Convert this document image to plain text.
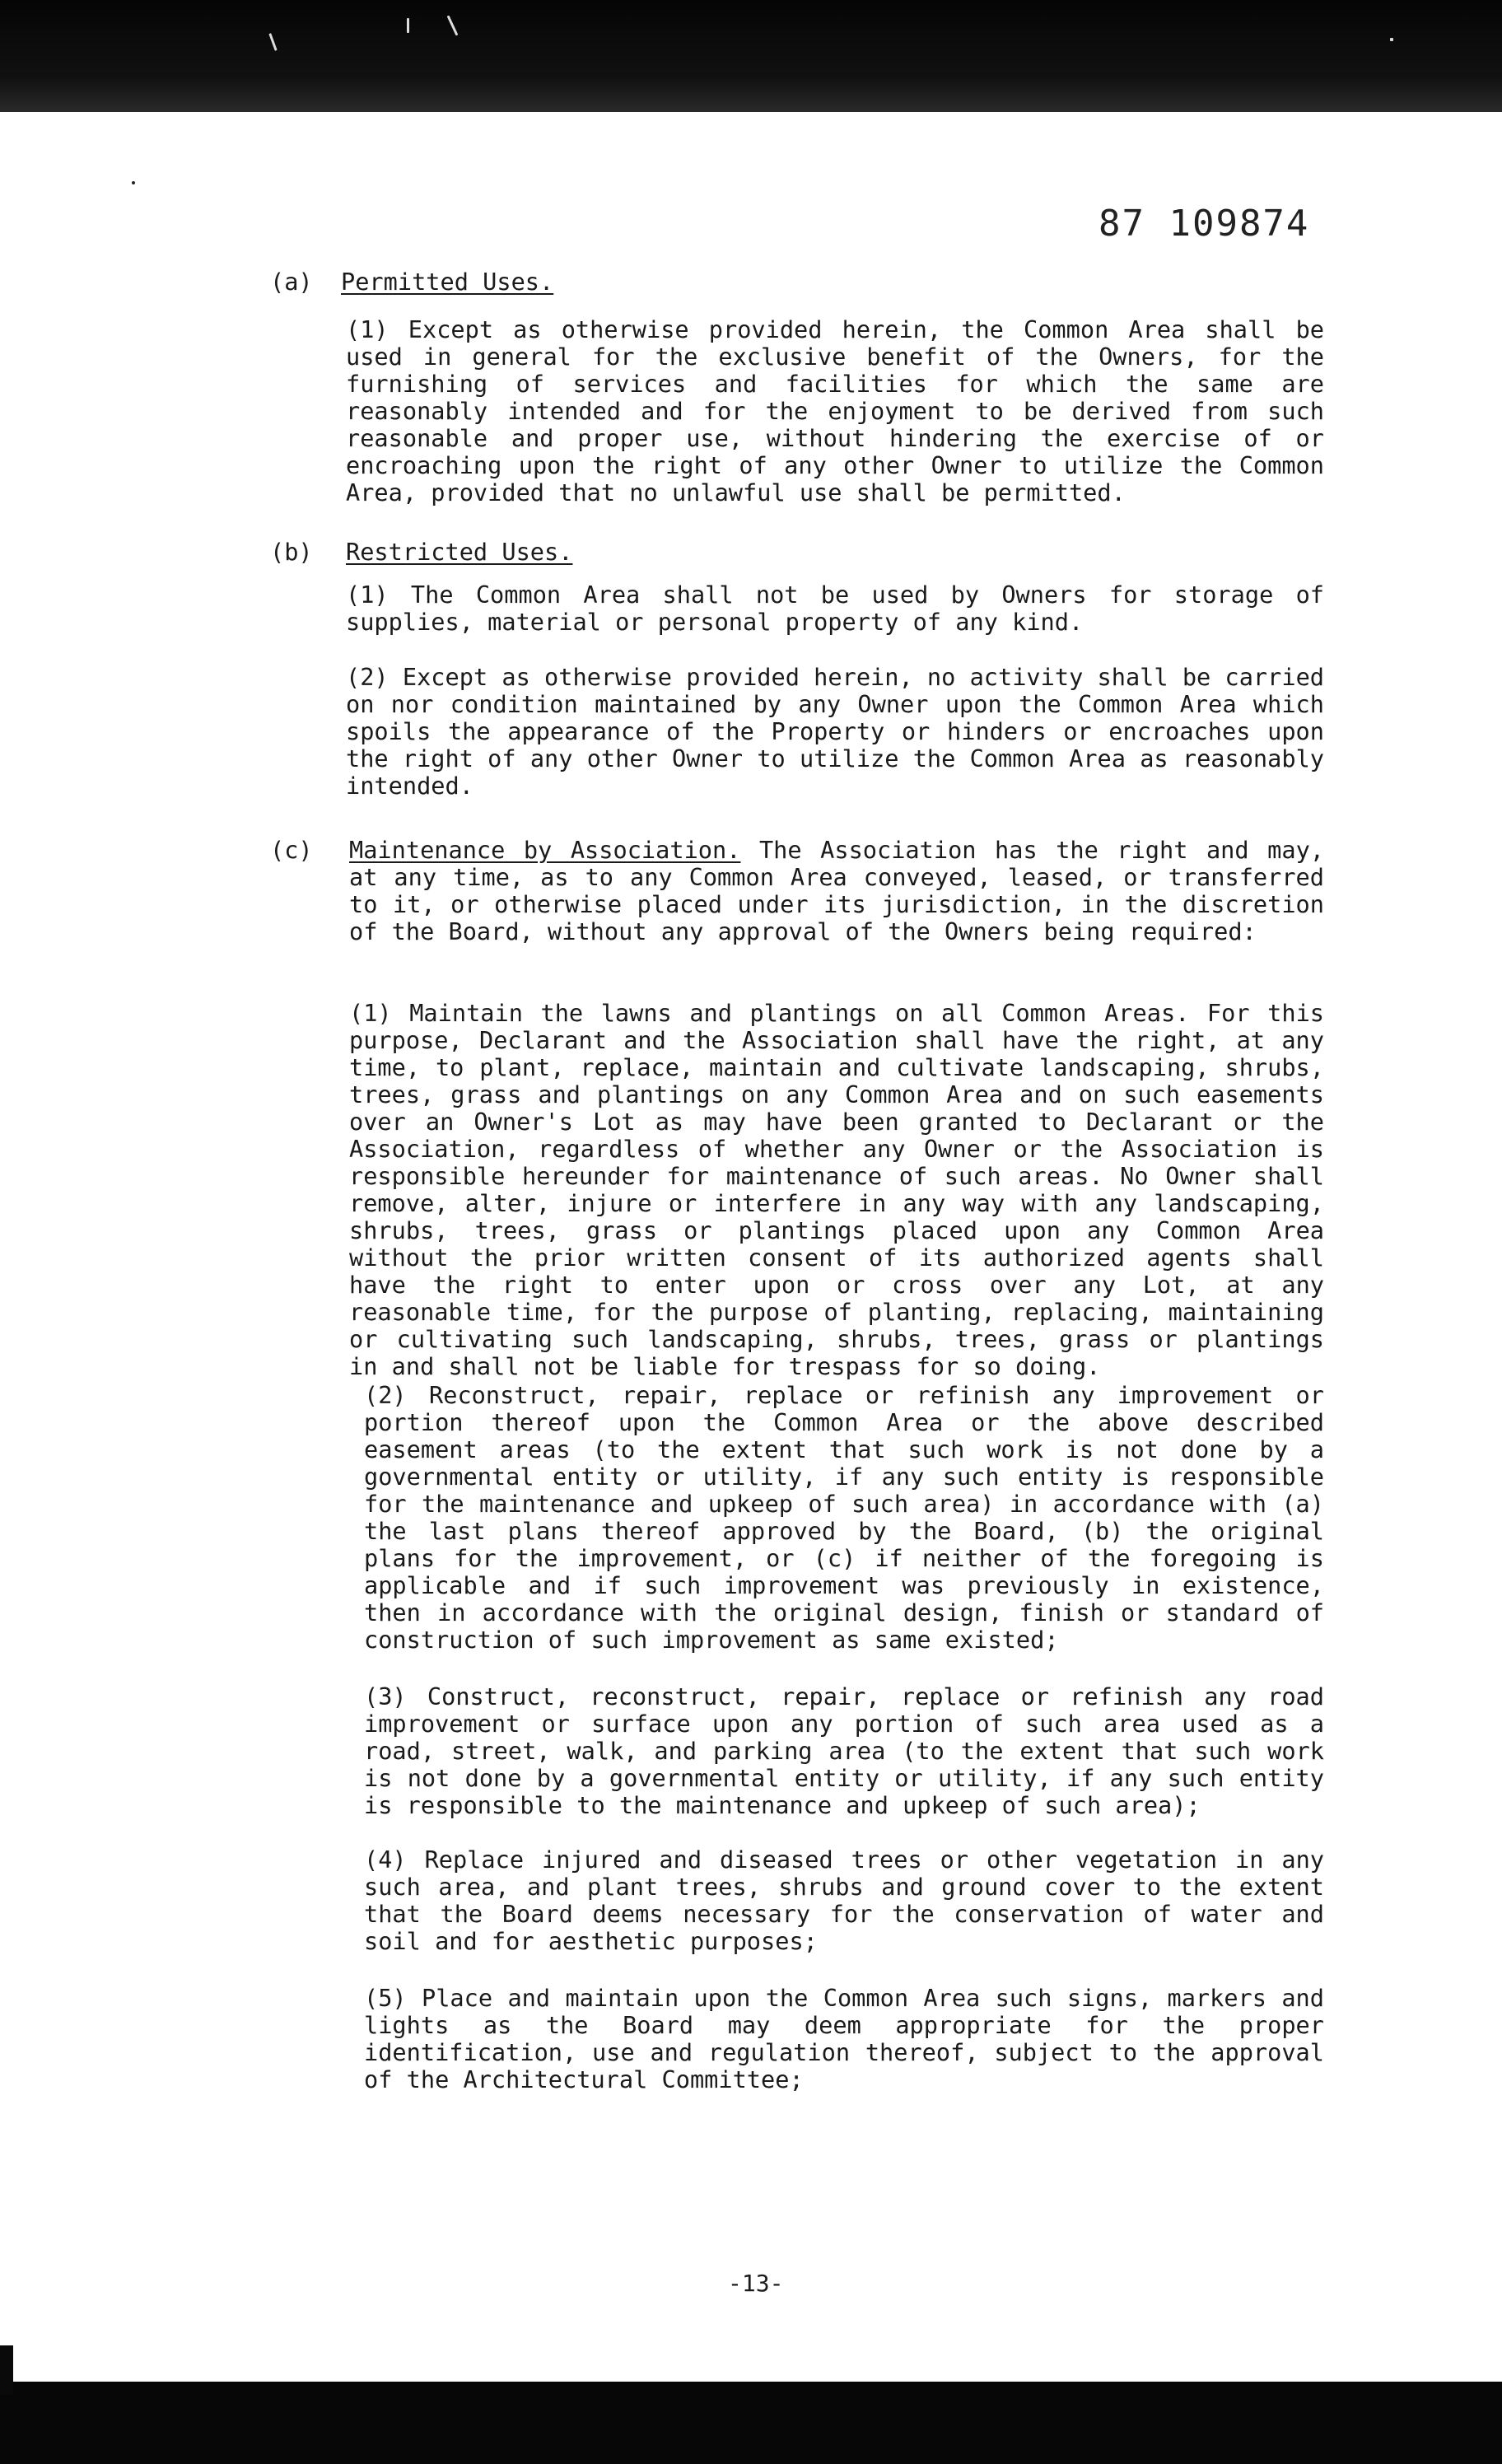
87 109874
(a) Permitted Uses.

(1) Except as otherwise provided herein, the Common Area shall be used in general for the exclusive benefit of the Owners, for the furnishing of services and facilities for which the same are reasonably intended and for the enjoyment to be derived from such reasonable and proper use, without hindering the exercise of or encroaching upon the right of any other Owner to utilize the Common Area, provided that no unlawful use shall be permitted.

(b) Restricted Uses.

(1) The Common Area shall not be used by Owners for storage of supplies, material or personal property of any kind.

(2) Except as otherwise provided herein, no activity shall be carried on nor condition maintained by any Owner upon the Common Area which spoils the appearance of the Property or hinders or encroaches upon the right of any other Owner to utilize the Common Area as reasonably intended.

(c) Maintenance by Association. The Association has the right and may, at any time, as to any Common Area conveyed, leased, or transferred to it, or otherwise placed under its jurisdiction, in the discretion of the Board, without any approval of the Owners being required:

(1) Maintain the lawns and plantings on all Common Areas. For this purpose, Declarant and the Association shall have the right, at any time, to plant, replace, maintain and cultivate landscaping, shrubs, trees, grass and plantings on any Common Area and on such easements over an Owner's Lot as may have been granted to Declarant or the Association, regardless of whether any Owner or the Association is responsible hereunder for maintenance of such areas. No Owner shall remove, alter, injure or interfere in any way with any landscaping, shrubs, trees, grass or plantings placed upon any Common Area without the prior written consent of its authorized agents shall have the right to enter upon or cross over any Lot, at any reasonable time, for the purpose of planting, replacing, maintaining or cultivating such landscaping, shrubs, trees, grass or plantings in and shall not be liable for trespass for so doing.

(2) Reconstruct, repair, replace or refinish any improvement or portion thereof upon the Common Area or the above described easement areas (to the extent that such work is not done by a governmental entity or utility, if any such entity is responsible for the maintenance and upkeep of such area) in accordance with (a) the last plans thereof approved by the Board, (b) the original plans for the improvement, or (c) if neither of the foregoing is applicable and if such improvement was previously in existence, then in accordance with the original design, finish or standard of construction of such improvement as same existed;

(3) Construct, reconstruct, repair, replace or refinish any road improvement or surface upon any portion of such area used as a road, street, walk, and parking area (to the extent that such work is not done by a governmental entity or utility, if any such entity is responsible to the maintenance and upkeep of such area);

(4) Replace injured and diseased trees or other vegetation in any such area, and plant trees, shrubs and ground cover to the extent that the Board deems necessary for the conservation of water and soil and for aesthetic purposes;

(5) Place and maintain upon the Common Area such signs, markers and lights as the Board may deem appropriate for the proper identification, use and regulation thereof, subject to the approval of the Architectural Committee;

-13-
